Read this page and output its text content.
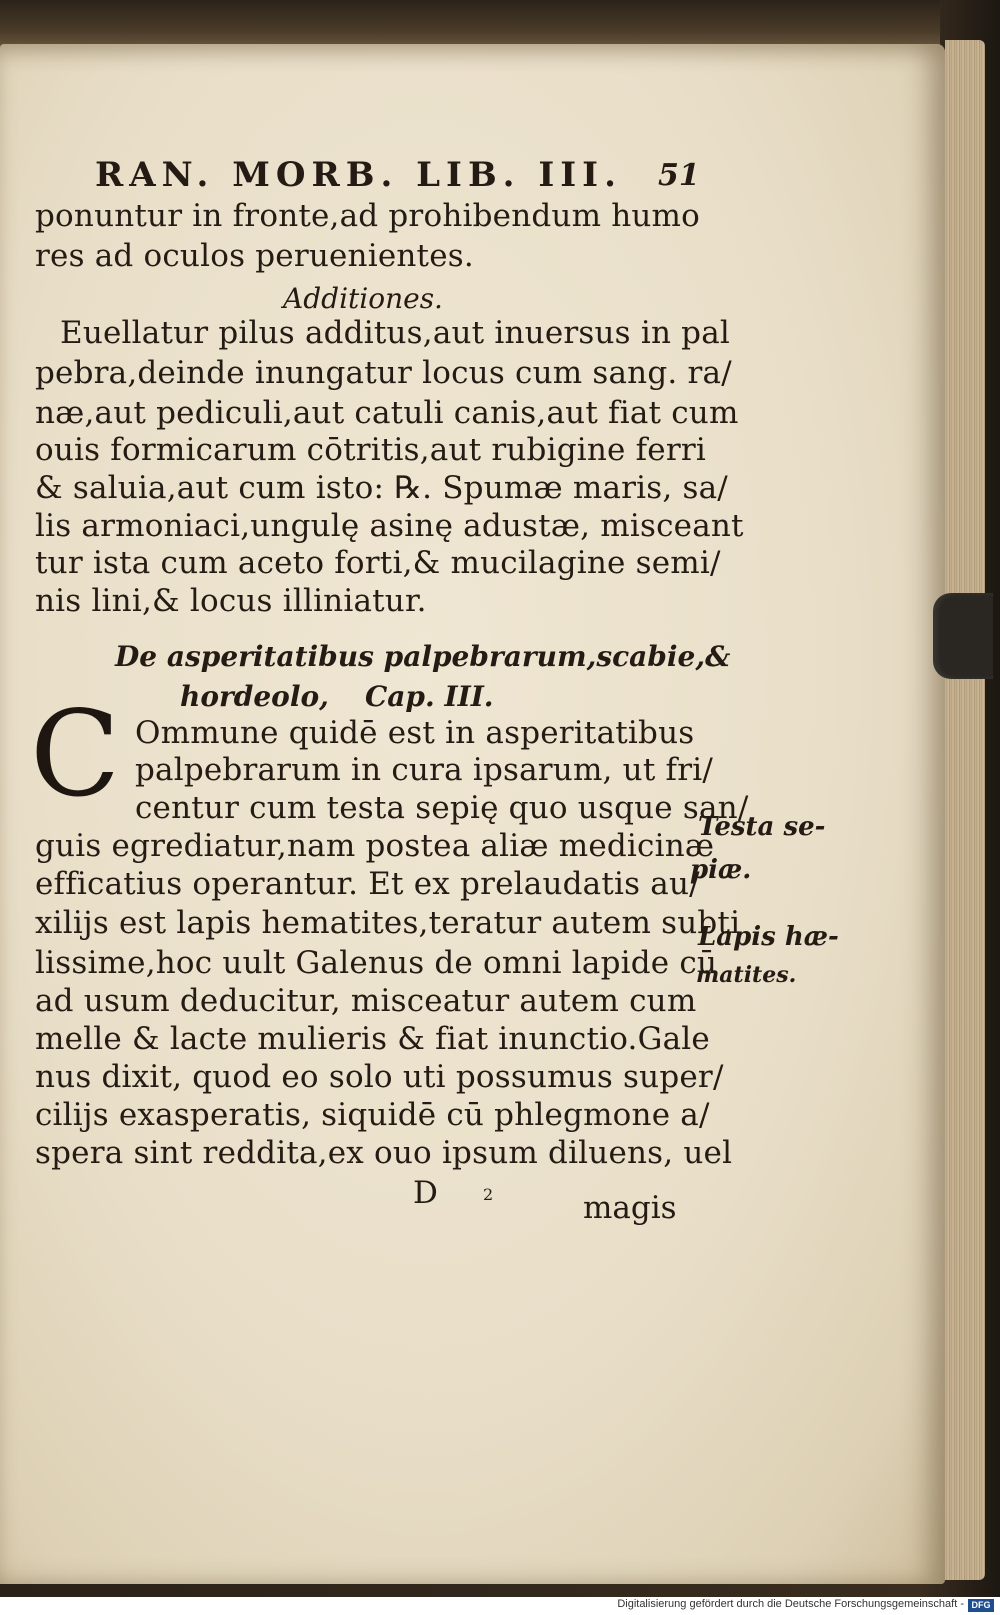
RAN. MORB. LIB. III. 51
ponuntur in fronte,ad prohibendum humo
res ad oculos peruenientes.
Additiones.
Euellatur pilus additus,aut inuersus in pal
pebra,deinde inungatur locus cum sang. ra/
næ,aut pediculi,aut catuli canis,aut fiat cum
ouis formicarum cōtritis,aut rubigine ferri
& saluia,aut cum isto: ℞. Spumæ maris, sa/
lis armoniaci,ungulę asinę adustæ, misceant
tur ista cum aceto forti,& mucilagine semi/
nis lini,& locus illiniatur.
De asperitatibus palpebrarum,scabie,&
hordeolo, Cap. III.
C Ommune quidē est in asperitatibus
palpebrarum in cura ipsarum, ut fri/
centur cum testa sepię quo usque san/
guis egrediatur,nam postea aliæ medicinæ
efficatius operantur. Et ex prelaudatis au/
xilijs est lapis hematites,teratur autem subti
lissime,hoc uult Galenus de omni lapide cū
ad usum deducitur, misceatur autem cum
melle & lacte mulieris & fiat inunctio.Gale
nus dixit, quod eo solo uti possumus super/
cilijs exasperatis, siquidē cū phlegmone a/
spera sint reddita,ex ouo ipsum diluens, uel
D	2	magis
Testa se-
piæ.
Lapis hæ-
matites.
Digitalisierung gefördert durch die Deutsche Forschungsgemeinschaft - DFG
